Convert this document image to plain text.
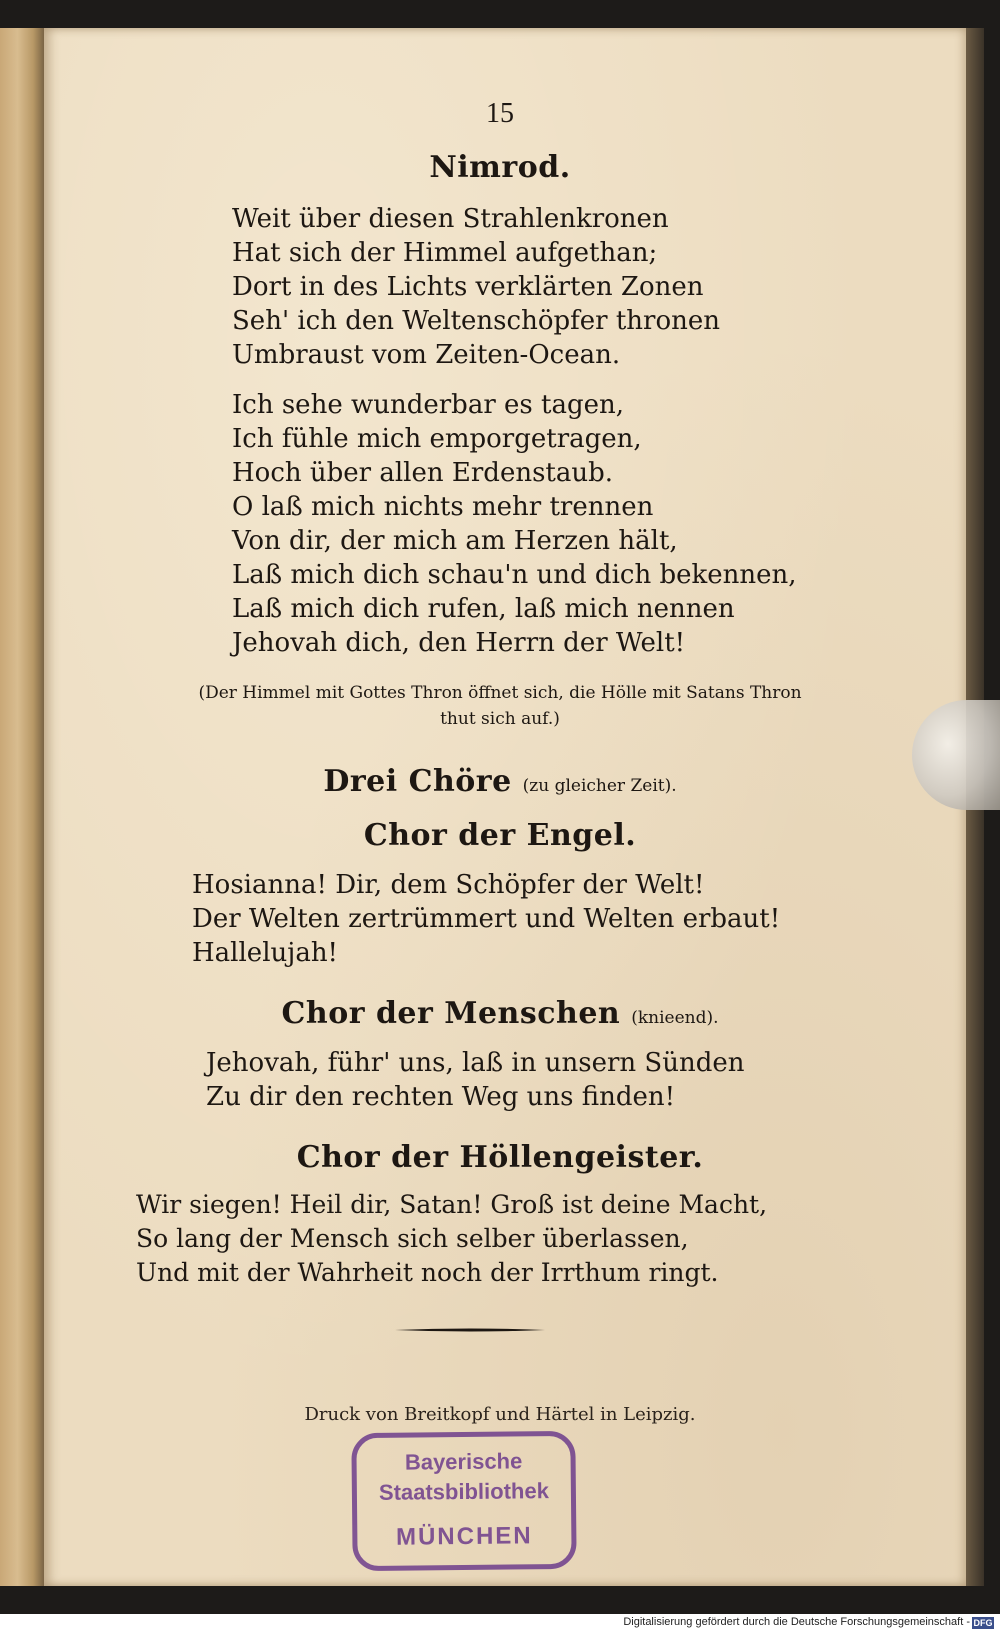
15
Nimrod.
Weit über diesen Strahlenkronen
Hat sich der Himmel aufgethan;
Dort in des Lichts verklärten Zonen
Seh' ich den Weltenschöpfer thronen
Umbraust vom Zeiten-Ocean.
Ich sehe wunderbar es tagen,
Ich fühle mich emporgetragen,
Hoch über allen Erdenstaub.
O laß mich nichts mehr trennen
Von dir, der mich am Herzen hält,
Laß mich dich schau'n und dich bekennen,
Laß mich dich rufen, laß mich nennen
Jehovah dich, den Herrn der Welt!
(Der Himmel mit Gottes Thron öffnet sich, die Hölle mit Satans Thron
thut sich auf.)
Drei Chöre (zu gleicher Zeit).
Chor der Engel.
Hosianna! Dir, dem Schöpfer der Welt!
Der Welten zertrümmert und Welten erbaut!
Hallelujah!
Chor der Menschen (knieend).
Jehovah, führ' uns, laß in unsern Sünden
Zu dir den rechten Weg uns finden!
Chor der Höllengeister.
Wir siegen! Heil dir, Satan! Groß ist deine Macht,
So lang der Mensch sich selber überlassen,
Und mit der Wahrheit noch der Irrthum ringt.
Druck von Breitkopf und Härtel in Leipzig.
Bayerische
Staatsbibliothek
MÜNCHEN
Digitalisierung gefördert durch die Deutsche Forschungsgemeinschaft - DFG
